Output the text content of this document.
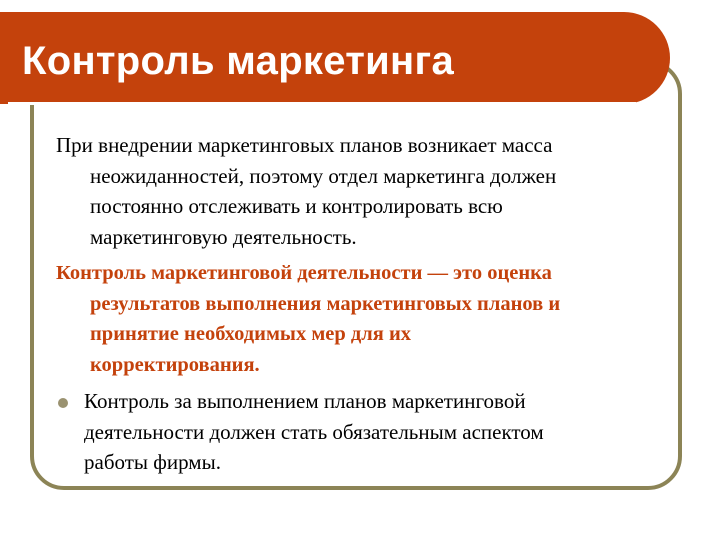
Контроль маркетинга

При внедрении маркетинговых планов возникает масса
неожиданностей, поэтому отдел маркетинга должен
постоянно отслеживать и контролировать всю
маркетинговую деятельность.

Контроль маркетинговой деятельности — это оценка
результатов выполнения маркетинговых планов и
принятие необходимых мер для их
корректирования.

Контроль за выполнением планов маркетинговой
деятельности должен стать обязательным аспектом
работы фирмы.
